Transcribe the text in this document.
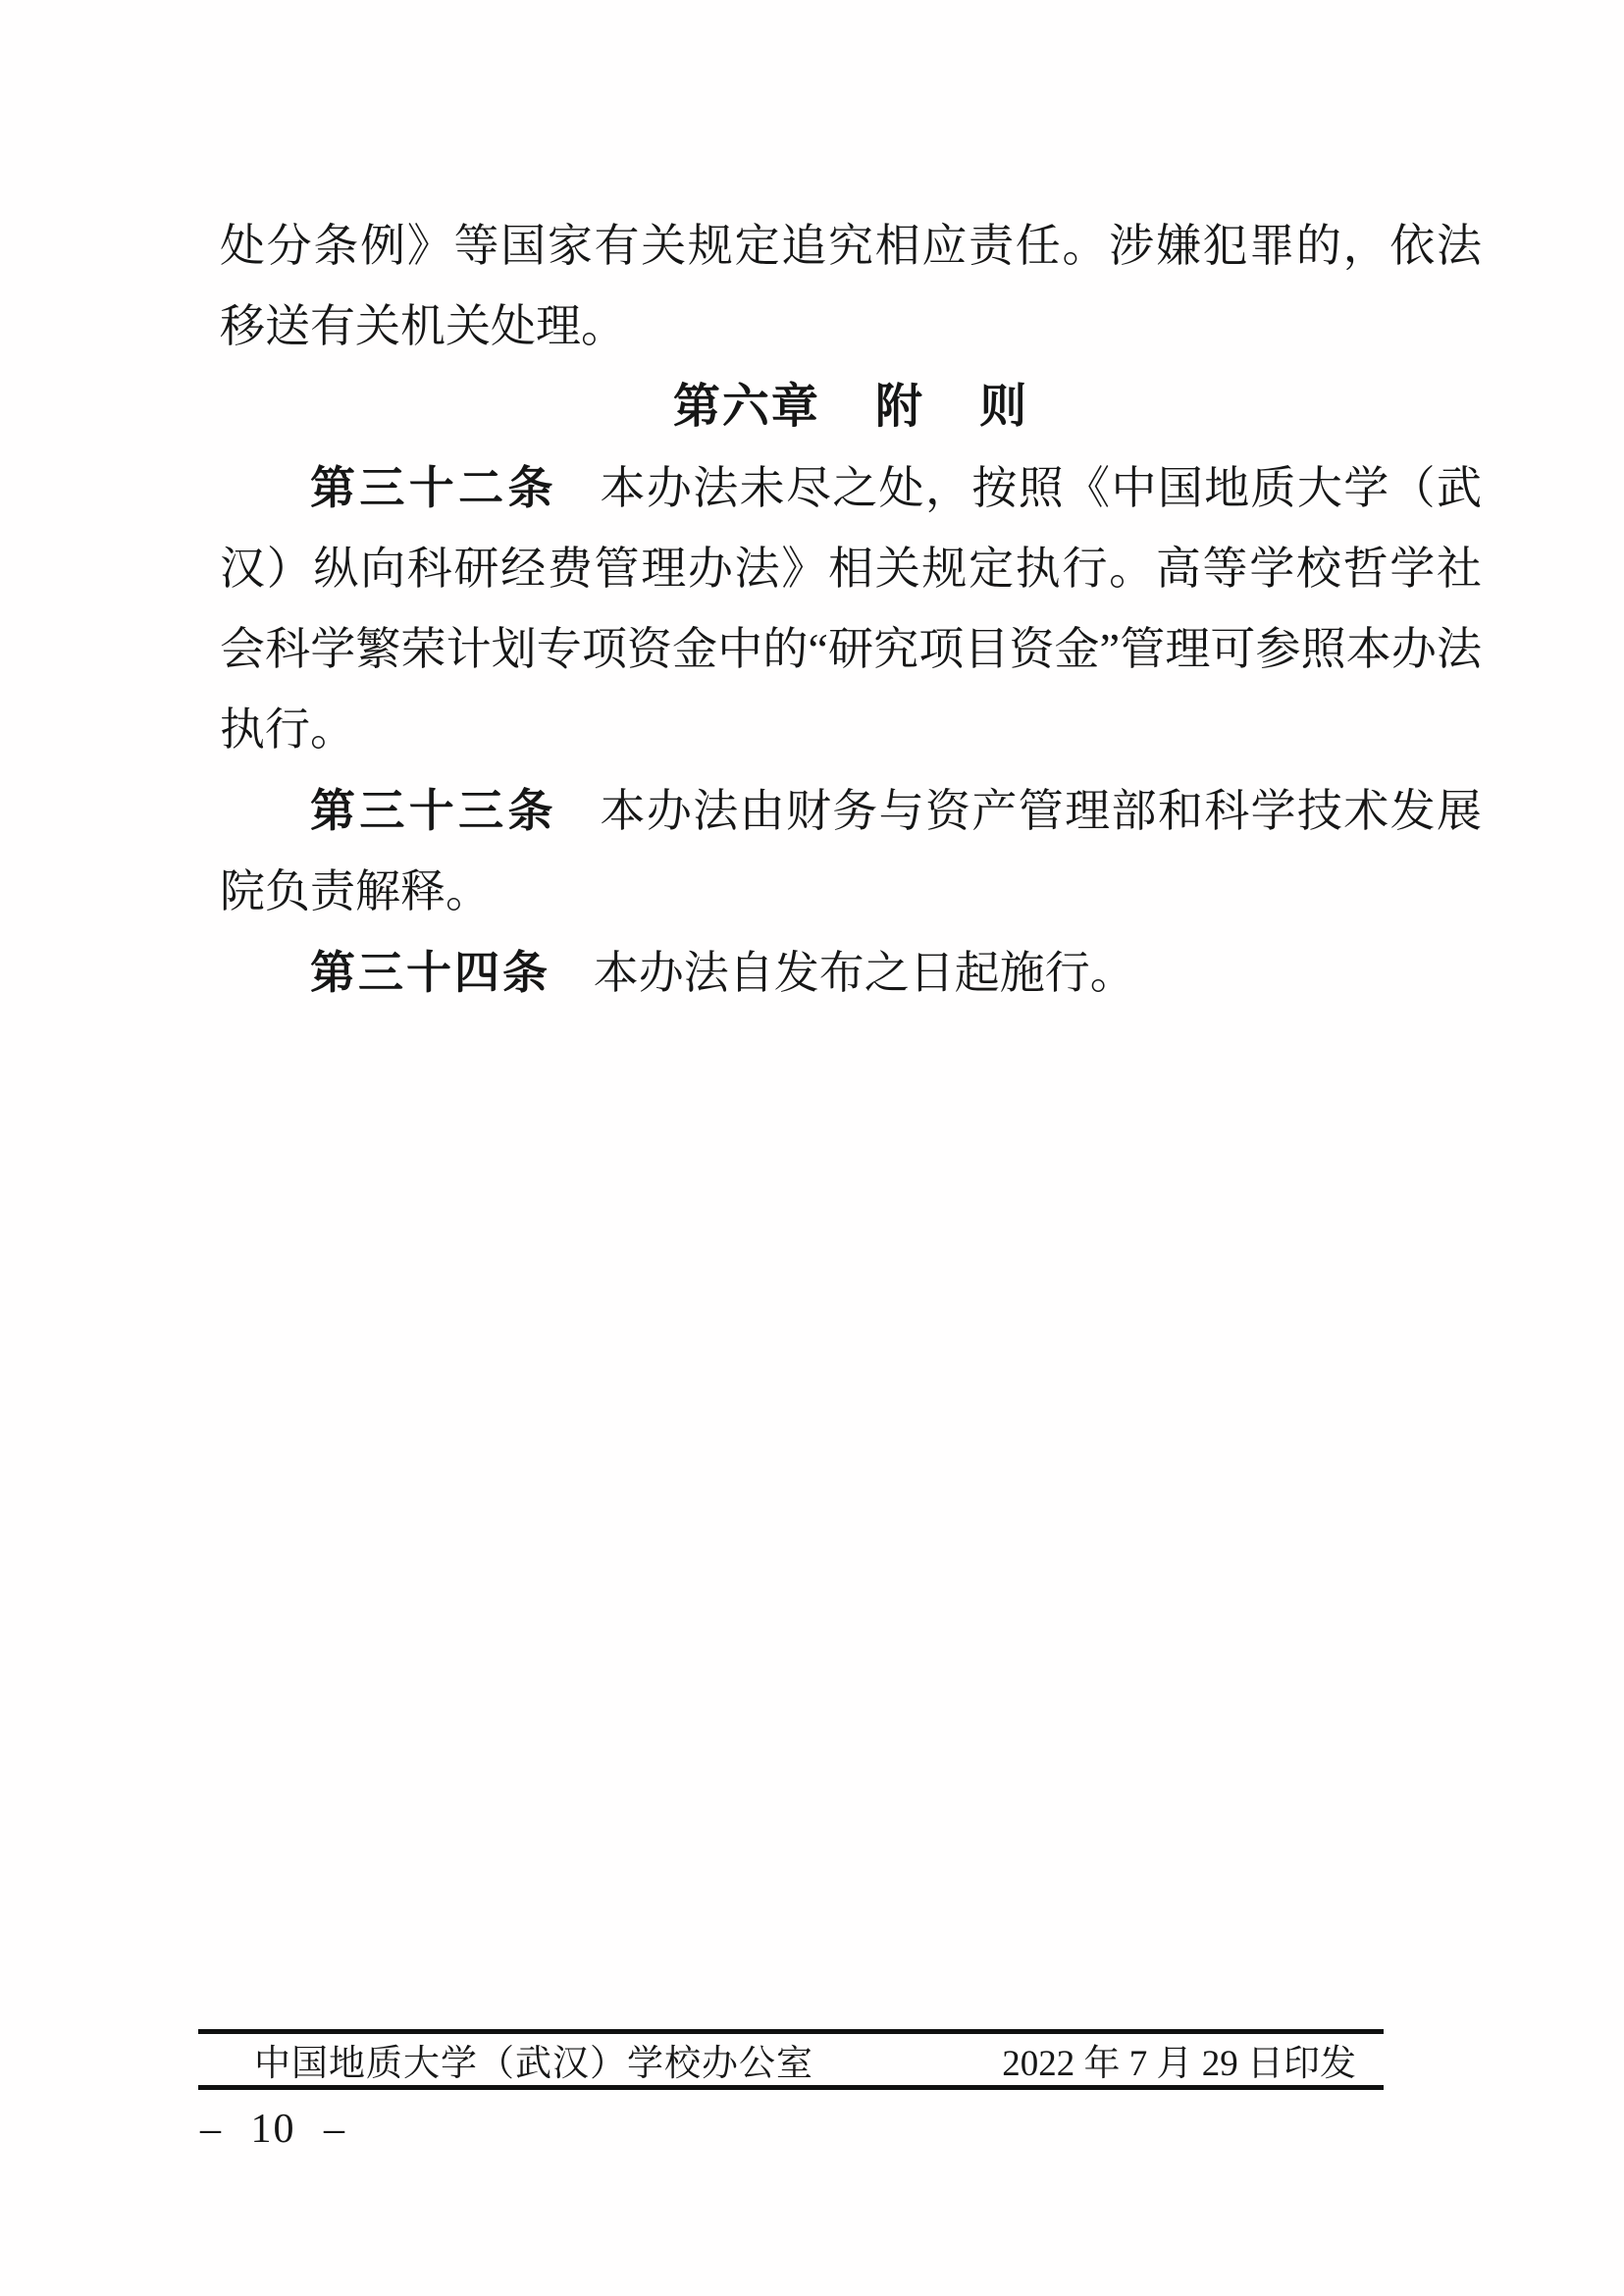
处分条例》等国家有关规定追究相应责任。涉嫌犯罪的，依法移送有关机关处理。

第六章 附 则

第三十二条 本办法未尽之处，按照《中国地质大学（武汉）纵向科研经费管理办法》相关规定执行。高等学校哲学社会科学繁荣计划专项资金中的“研究项目资金”管理可参照本办法执行。

第三十三条 本办法由财务与资产管理部和科学技术发展院负责解释。

第三十四条 本办法自发布之日起施行。

中国地质大学（武汉）学校办公室	2022 年 7 月 29 日印发
– 10 –
